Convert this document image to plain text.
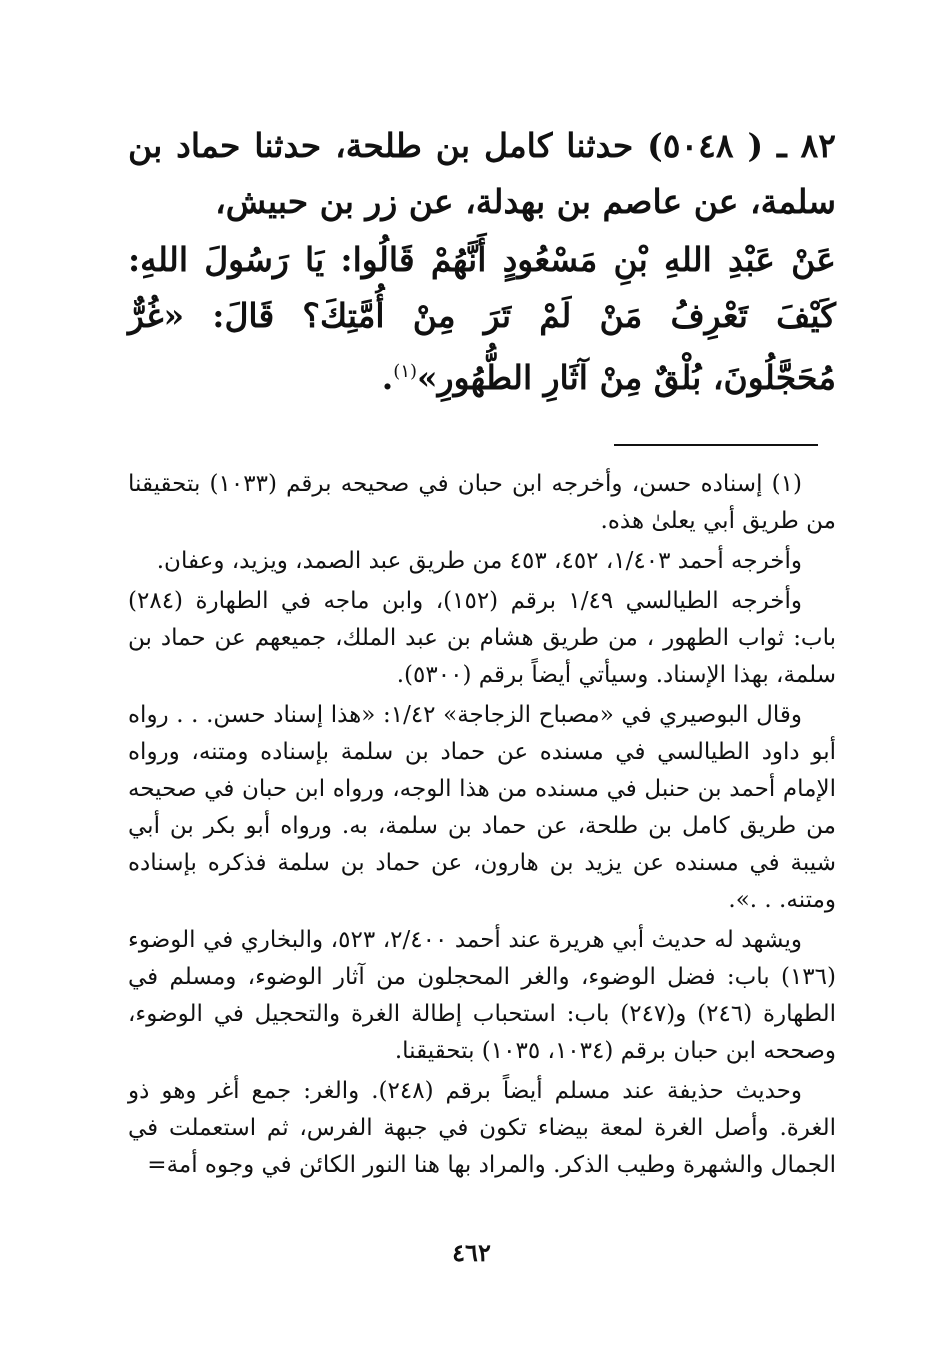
٨٢ ـ ( ٥٠٤٨) حدثنا كامل بن طلحة، حدثنا حماد بن سلمة، عن عاصم بن بهدلة، عن زر بن حبيش،

عَنْ عَبْدِ اللهِ بْنِ مَسْعُودٍ أَنَّهُمْ قَالُوا: يَا رَسُولَ اللهِ: كَيْفَ تَعْرِفُ مَنْ لَمْ تَرَ مِنْ أُمَّتِكَ؟ قَالَ: «غُرٌّ مُحَجَّلُونَ، بُلْقٌ مِنْ آثَارِ الطُّهُورِ»$^{(١)}$.

(١) إسناده حسن، وأخرجه ابن حبان في صحيحه برقم (١٠٣٣) بتحقيقنا من طريق أبي يعلىٰ هذه.

وأخرجه أحمد ١/٤٠٣، ٤٥٢، ٤٥٣ من طريق عبد الصمد، ويزيد، وعفان.

وأخرجه الطيالسي ١/٤٩ برقم (١٥٢)، وابن ماجه في الطهارة (٢٨٤) باب: ثواب الطهور ، من طريق هشام بن عبد الملك، جميعهم عن حماد بن سلمة، بهذا الإسناد. وسيأتي أيضاً برقم (٥٣٠٠).

وقال البوصيري في «مصباح الزجاجة» ١/٤٢: «هذا إسناد حسن. . . رواه أبو داود الطيالسي في مسنده عن حماد بن سلمة بإسناده ومتنه، ورواه الإمام أحمد بن حنبل في مسنده من هذا الوجه، ورواه ابن حبان في صحيحه من طريق كامل بن طلحة، عن حماد بن سلمة، به. ورواه أبو بكر بن أبي شيبة في مسنده عن يزيد بن هارون، عن حماد بن سلمة فذكره بإسناده ومتنه. . .».

ويشهد له حديث أبي هريرة عند أحمد ٢/٤٠٠، ٥٢٣، والبخاري في الوضوء (١٣٦) باب: فضل الوضوء، والغر المحجلون من آثار الوضوء، ومسلم في الطهارة (٢٤٦) و(٢٤٧) باب: استحباب إطالة الغرة والتحجيل في الوضوء، وصححه ابن حبان برقم (١٠٣٤، ١٠٣٥) بتحقيقنا.

وحديث حذيفة عند مسلم أيضاً برقم (٢٤٨). والغر: جمع أغر وهو ذو الغرة. وأصل الغرة لمعة بيضاء تكون في جبهة الفرس، ثم استعملت في الجمال والشهرة وطيب الذكر. والمراد بها هنا النور الكائن في وجوه أمة=

٤٦٢
